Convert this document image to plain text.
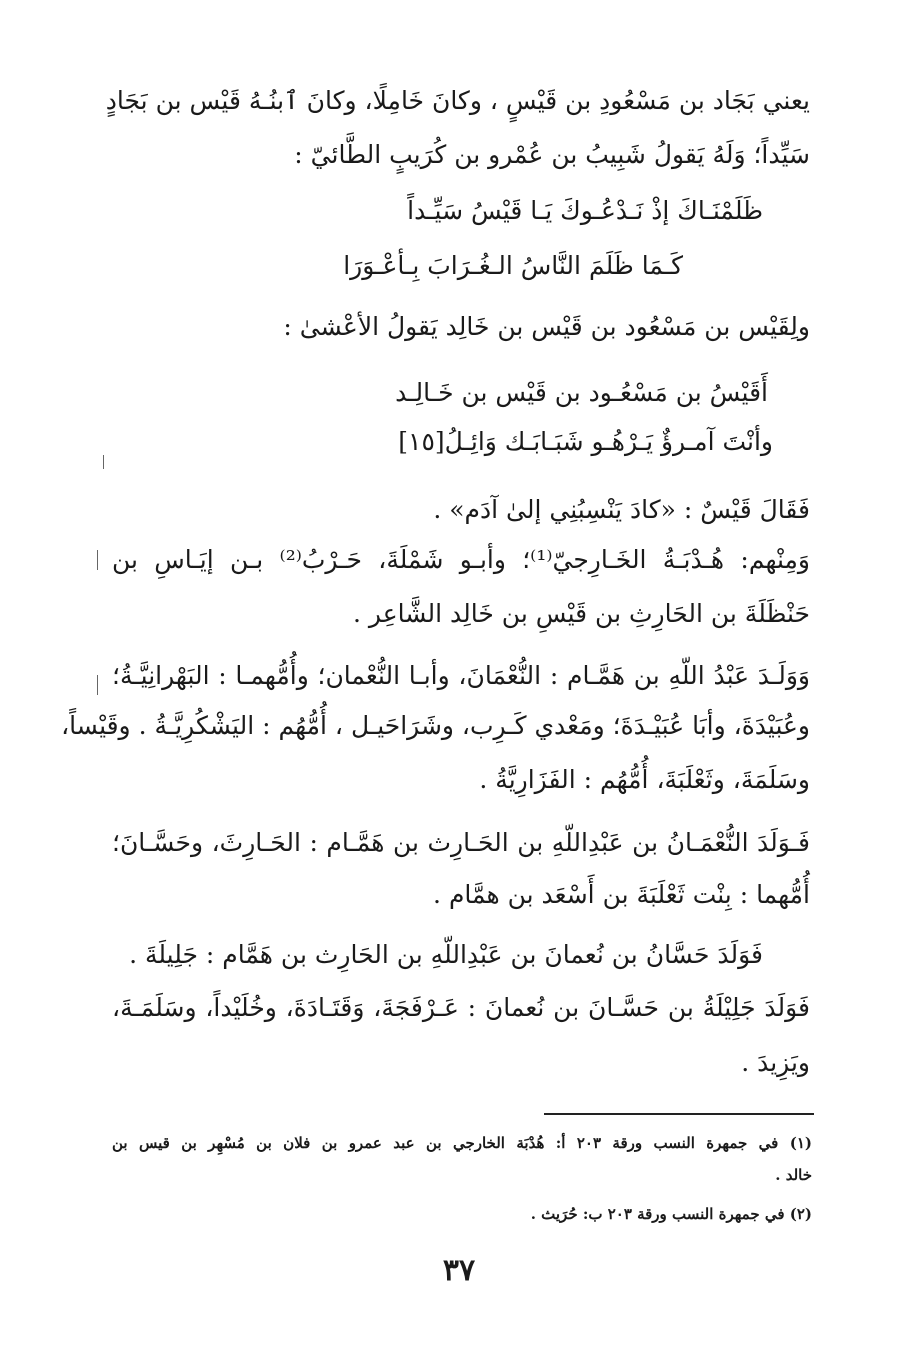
يعني بَجَاد بن مَسْعُودِ بن قَيْسٍ ، وكانَ خَامِلًا، وكانَ ٱبنُـهُ قَيْس بن بَجَادٍ
سَيِّداً؛ وَلَهُ يَقولُ شَبِيبُ بن عُمْرو بن كُرَيبٍ الطَّائيّ :
ظَلَمْنَـاكَ إذْ نَـدْعُـوكَ يَـا قَيْسُ سَيِّـداً
كَـمَا ظَلَمَ النَّاسُ الـغُـرَابَ بِـأعْـوَرَا
ولِقَيْس بن مَسْعُود بن قَيْس بن خَالِد يَقولُ الأعْشىٰ :
أَقَيْسُ بن مَسْعُـود بن قَيْس بن خَـالِـد
وأنْتَ آمـرؤٌ يَـرْهُـو شَبَـابَـك وَائِـلُ[١٥]
فَقَالَ قَيْسٌ : «كادَ يَنْسِبُنِي إلىٰ آدَم» .
وَمِنْهم: هُـدْبَـةُ الخَـارِجيّ⁽¹⁾؛ وأبـو شَمْلَةَ، حَـرْبُ⁽²⁾ بـن إيَـاسِ بن
حَنْظَلَةَ بن الحَارِثِ بن قَيْسِ بن خَالِد الشَّاعِر .
وَوَلَـدَ عَبْدُ اللّهِ بن هَمَّـام : النُّعْمَانَ، وأبـا النُّعْمان؛ وأُمُّهمـا : البَهْرانِيَّـةُ؛
وعُبَيْدَةَ، وأبَا عُبَيْـدَةَ؛ ومَعْدي كَـرِب، وشَرَاحَيـل ، أُمُّهُم : اليَشْكُرِيَّـةُ . وقَيْساً،
وسَلَمَةَ، وثَعْلَبَةَ، أُمُّهُم : الفَزَارِيَّةُ .
فَـوَلَدَ النُّعْمَـانُ بن عَبْدِاللّهِ بن الحَـارِث بن هَمَّـام : الحَـارِثَ، وحَسَّـانَ؛
أُمُّهما : بِنْت ثَعْلَبَةَ بن أَسْعَد بن همَّام .
فَوَلَدَ حَسَّانُ بن نُعمانَ بن عَبْدِاللّهِ بن الحَارِث بن هَمَّام : جَلِيلَةَ .
فَوَلَدَ جَلِيْلَةُ بن حَسَّـانَ بن نُعمانَ : عَـرْفَجَةَ، وَقَتَـادَةَ، وخُلَيْداً، وسَلَمَـةَ،
ويَزِيدَ .
(١) في جمهرة النسب ورقة ٢٠٣ أ: هُدْبَة الخارجي بن عبد عمرو بن فلان بن مُسْهِر بن قيس بن
خالد .
(٢) في جمهرة النسب ورقة ٢٠٣ ب: حُرَيث .
٣٧
